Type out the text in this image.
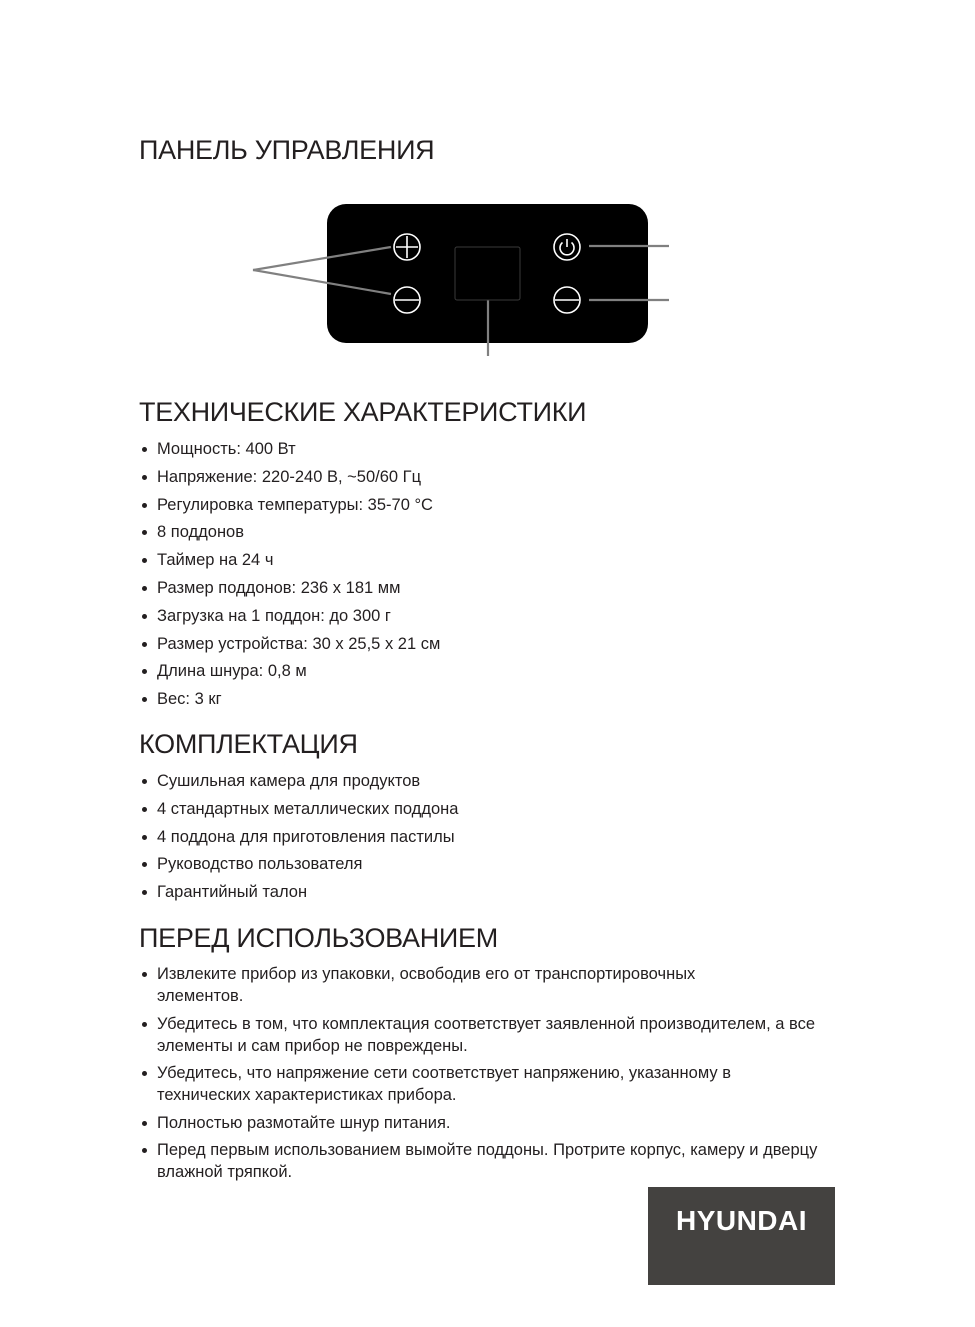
ПАНЕЛЬ УПРАВЛЕНИЯ
ТЕХНИЧЕСКИЕ ХАРАКТЕРИСТИКИ
Мощность: 400 Вт
Напряжение: 220-240 В, ~50/60 Гц
Регулировка температуры: 35-70 °С
8 поддонов
Таймер на 24 ч
Размер поддонов: 236 х 181 мм
Загрузка на 1 поддон: до 300 г
Размер устройства: 30 х 25,5 х 21 см
Длина шнура: 0,8 м
Вес: 3 кг
КОМПЛЕКТАЦИЯ
Сушильная камера для продуктов
4 стандартных металлических поддона
4 поддона для приготовления пастилы
Руководство пользователя
Гарантийный талон
ПЕРЕД ИСПОЛЬЗОВАНИЕМ
Извлеките прибор из упаковки, освободив его от транспортировочных элементов.
Убедитесь в том, что комплектация соответствует заявленной производителем, а все элементы и сам прибор не повреждены.
Убедитесь, что напряжение сети соответствует напряжению, указанному в технических характеристиках прибора.
Полностью размотайте шнур питания.
Перед первым использованием вымойте поддоны. Протрите корпус, камеру и дверцу влажной тряпкой.
HYUNDAI
